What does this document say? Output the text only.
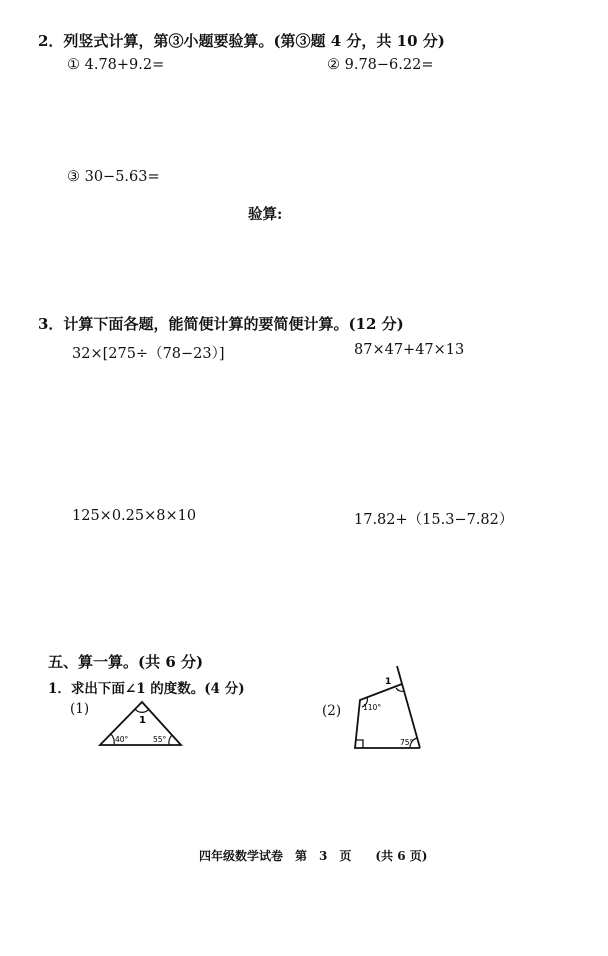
2．列竖式计算，第③小题要验算。(第③题 4 分，共 10 分)
① 4.78+9.2=	② 9.78−6.22=
③ 30−5.63=
验算:
3．计算下面各题，能简便计算的要简便计算。(12 分)
32×[275÷（78−23）]	87×47+47×13
125×0.25×8×10	17.82+（15.3−7.82）
五、算一算。(共 6 分)
1．求出下面∠1 的度数。(4 分)
(1)
1
40°	55°
(2)
1
110°
75°
四年级数学试卷　第　3　页　　(共 6 页)
